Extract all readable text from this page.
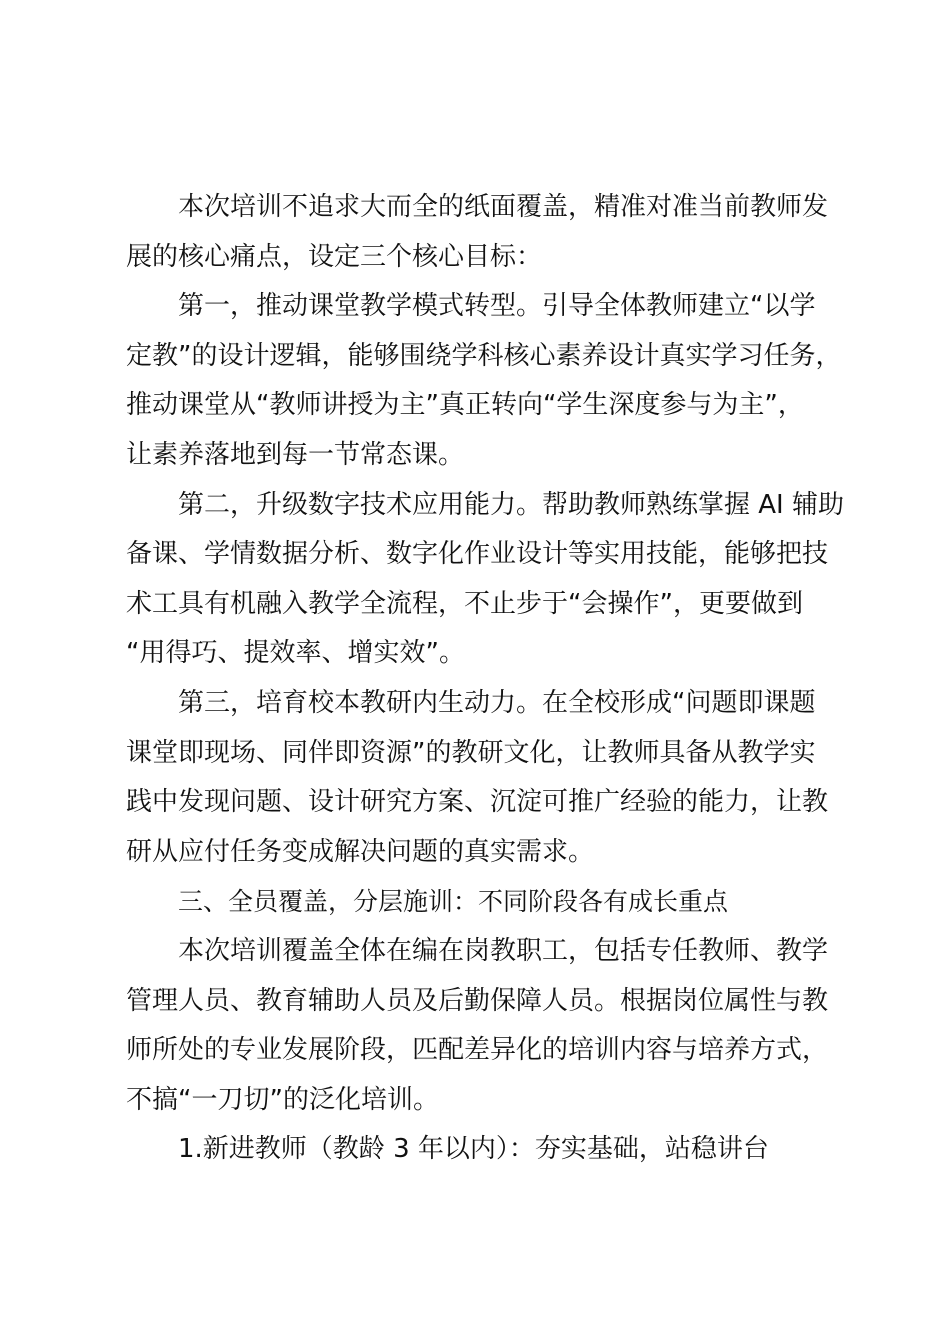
本次培训不追求大而全的纸面覆盖，精准对准当前教师发
展的核心痛点，设定三个核心目标：
第一，推动课堂教学模式转型。引导全体教师建立“以学
定教”的设计逻辑，能够围绕学科核心素养设计真实学习任务，
推动课堂从“教师讲授为主”真正转向“学生深度参与为主”，
让素养落地到每一节常态课。
第二，升级数字技术应用能力。帮助教师熟练掌握 AI 辅助
备课、学情数据分析、数字化作业设计等实用技能，能够把技
术工具有机融入教学全流程，不止步于“会操作”，更要做到
“用得巧、提效率、增实效”。
第三，培育校本教研内生动力。在全校形成“问题即课题
课堂即现场、同伴即资源”的教研文化，让教师具备从教学实
践中发现问题、设计研究方案、沉淀可推广经验的能力，让教
研从应付任务变成解决问题的真实需求。
三、全员覆盖，分层施训：不同阶段各有成长重点
本次培训覆盖全体在编在岗教职工，包括专任教师、教学
管理人员、教育辅助人员及后勤保障人员。根据岗位属性与教
师所处的专业发展阶段，匹配差异化的培训内容与培养方式，
不搞“一刀切”的泛化培训。
1.新进教师（教龄 3 年以内）：夯实基础，站稳讲台
